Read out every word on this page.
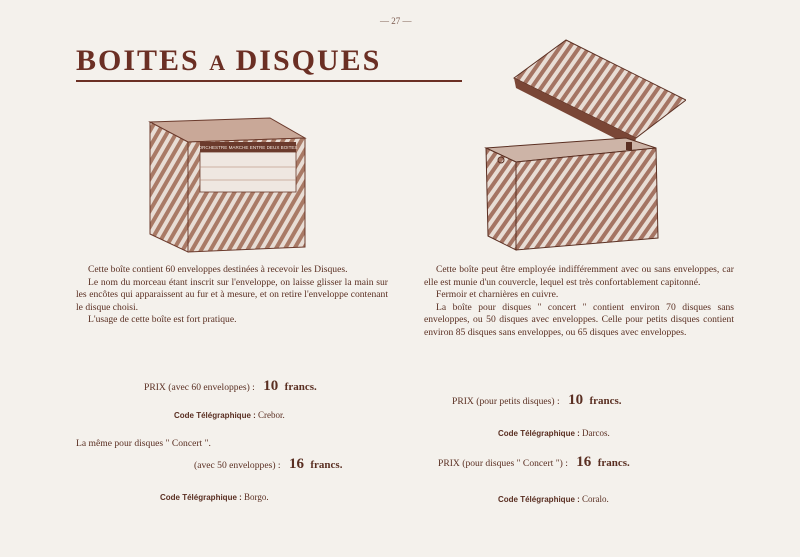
— 27 —
BOITES A DISQUES
ORCHESTRE MARCHE ENTRE DEUX BOITES

Cette boîte contient 60 enveloppes destinées à recevoir les Disques.

Le nom du morceau étant inscrit sur l'enveloppe, on laisse glisser la main sur les encôtes qui apparaissent au fur et à mesure, et on retire l'enveloppe contenant le disque choisi.

L'usage de cette boîte est fort pratique.

PRIX (avec 60 enveloppes) : 10 francs.
Code Télégraphique : Crebor.
La même pour disques " Concert ".
(avec 50 enveloppes) : 16 francs.
Code Télégraphique : Borgo.

Cette boîte peut être employée indifféremment avec ou sans enveloppes, car elle est munie d'un couvercle, lequel est très confortablement capitonné.

Fermoir et charnières en cuivre.

La boîte pour disques " concert " contient environ 70 disques sans enveloppes, ou 50 disques avec enveloppes. Celle pour petits disques contient environ 85 disques sans enveloppes, ou 65 disques avec enveloppes.

PRIX (pour petits disques) : 10 francs.
Code Télégraphique : Darcos.
PRIX (pour disques " Concert ") : 16 francs.
Code Télégraphique : Coralo.
